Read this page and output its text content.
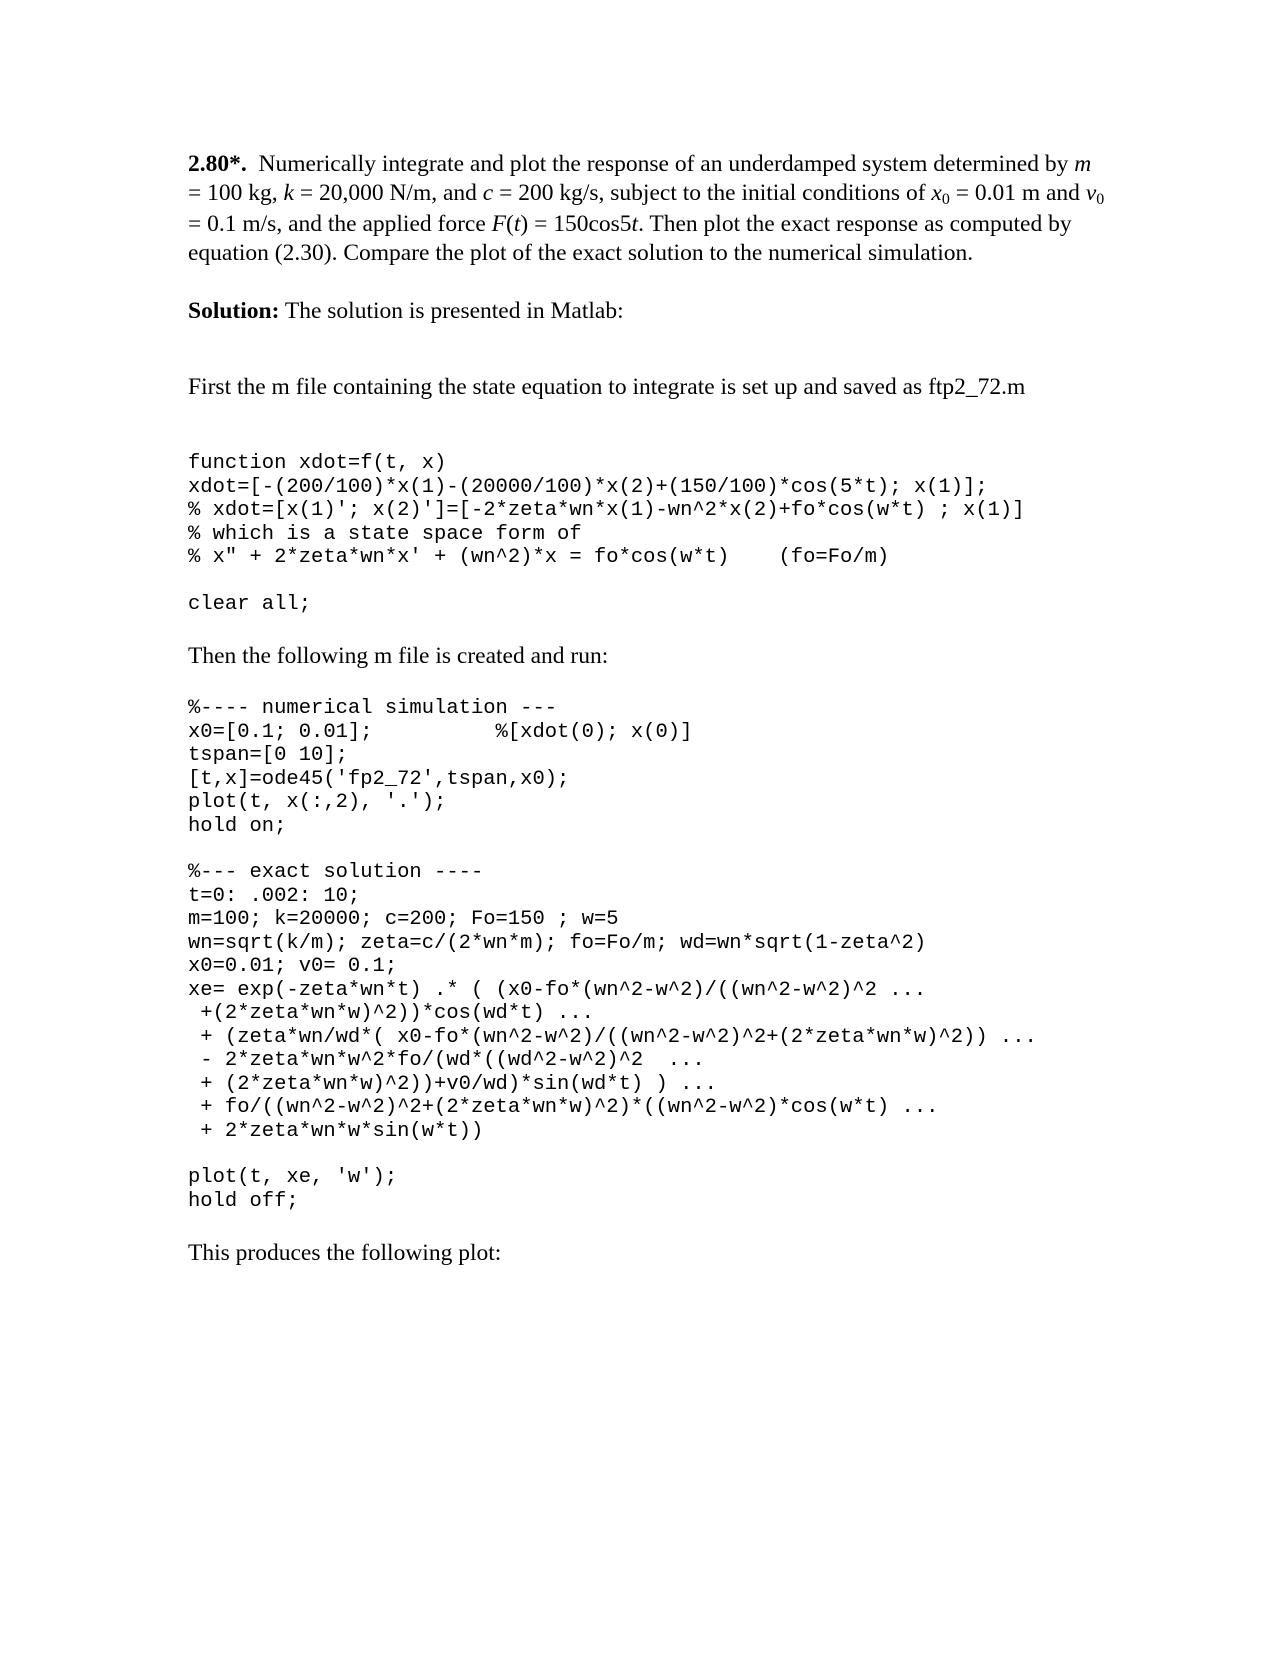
2.80*. Numerically integrate and plot the response of an underdamped system determined by m = 100 kg, k = 20,000 N/m, and c = 200 kg/s, subject to the initial conditions of x0 = 0.01 m and v0 = 0.1 m/s, and the applied force F(t) = 150cos5t. Then plot the exact response as computed by equation (2.30). Compare the plot of the exact solution to the numerical simulation.

Solution: The solution is presented in Matlab:

First the m file containing the state equation to integrate is set up and saved as ftp2_72.m

function xdot=f(t, x)
xdot=[-(200/100)*x(1)-(20000/100)*x(2)+(150/100)*cos(5*t); x(1)];
% xdot=[x(1)'; x(2)']=[-2*zeta*wn*x(1)-wn^2*x(2)+fo*cos(w*t) ; x(1)]
% which is a state space form of
% x" + 2*zeta*wn*x' + (wn^2)*x = fo*cos(w*t)    (fo=Fo/m)
clear all;

Then the following m file is created and run:

%---- numerical simulation ---
x0=[0.1; 0.01];          %[xdot(0); x(0)]
tspan=[0 10];
[t,x]=ode45('fp2_72',tspan,x0);
plot(t, x(:,2), '.');
hold on;
%--- exact solution ----
t=0: .002: 10;
m=100; k=20000; c=200; Fo=150 ; w=5
wn=sqrt(k/m); zeta=c/(2*wn*m); fo=Fo/m; wd=wn*sqrt(1-zeta^2)
x0=0.01; v0= 0.1;
xe= exp(-zeta*wn*t) .* ( (x0-fo*(wn^2-w^2)/((wn^2-w^2)^2 ...
+(2*zeta*wn*w)^2))*cos(wd*t) ...
+ (zeta*wn/wd*( x0-fo*(wn^2-w^2)/((wn^2-w^2)^2+(2*zeta*wn*w)^2)) ...
- 2*zeta*wn*w^2*fo/(wd*((wd^2-w^2)^2  ...
+ (2*zeta*wn*w)^2))+v0/wd)*sin(wd*t) ) ...
+ fo/((wn^2-w^2)^2+(2*zeta*wn*w)^2)*((wn^2-w^2)*cos(w*t) ...
+ 2*zeta*wn*w*sin(w*t))
plot(t, xe, 'w');
hold off;

This produces the following plot:
